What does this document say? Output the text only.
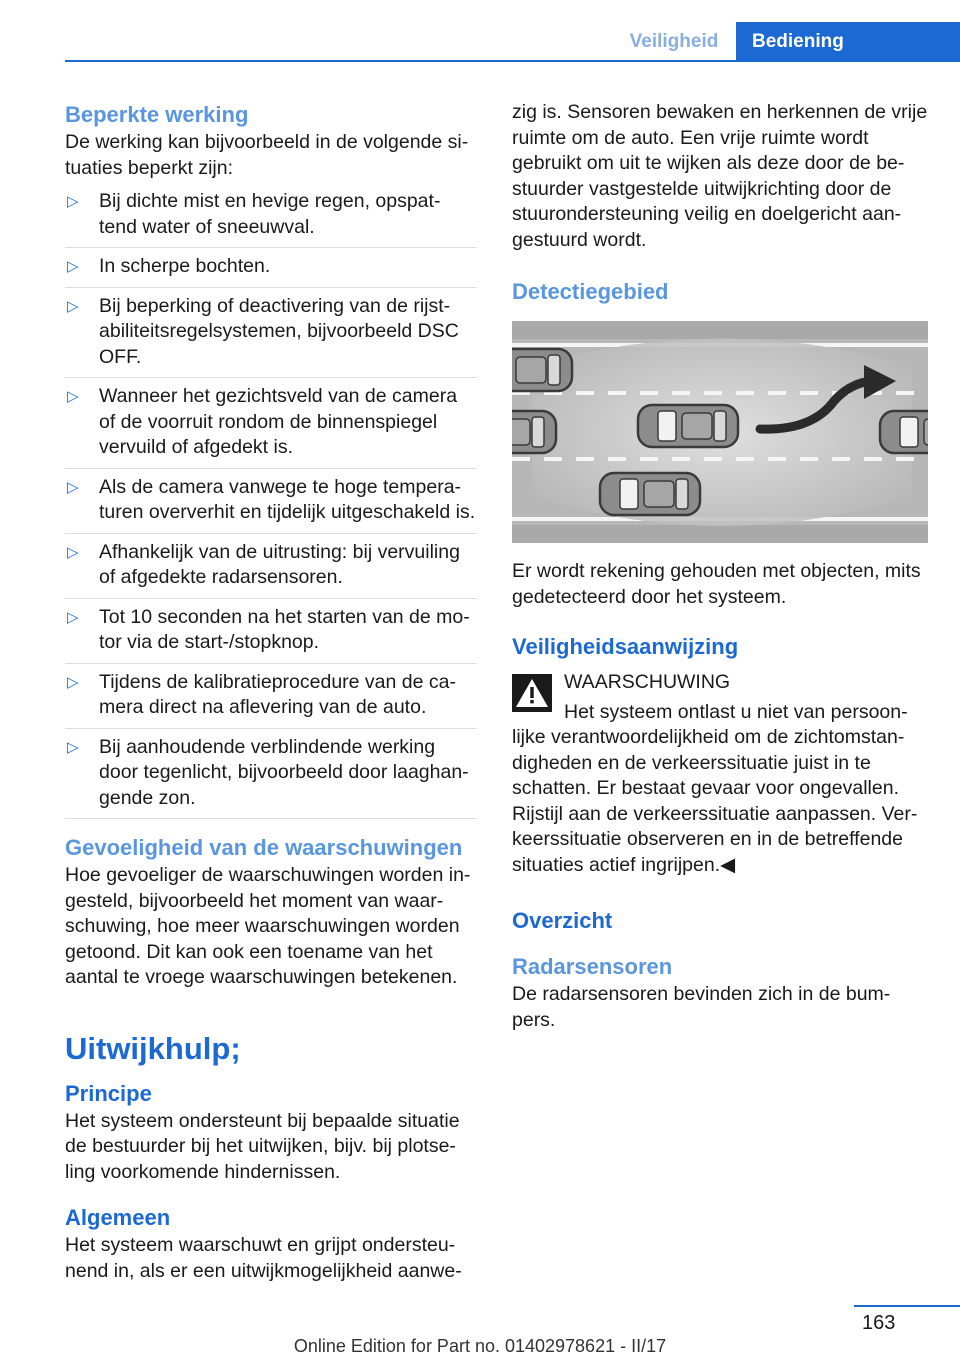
Veiligheid	Bediening
Beperkte werking

De werking kan bijvoorbeeld in de volgende si-tuaties beperkt zijn:

▷ Bij dichte mist en hevige regen, opspat-tend water of sneeuwval.
▷ In scherpe bochten.
▷ Bij beperking of deactivering van de rijst-abiliteitsregelsystemen, bijvoorbeeld DSC OFF.
▷ Wanneer het gezichtsveld van de camera of de voorruit rondom de binnenspiegel vervuild of afgedekt is.
▷ Als de camera vanwege te hoge tempera-turen oververhit en tijdelijk uitgeschakeld is.
▷ Afhankelijk van de uitrusting: bij vervuiling of afgedekte radarsensoren.
▷ Tot 10 seconden na het starten van de mo-tor via de start-/stopknop.
▷ Tijdens de kalibratieprocedure van de ca-mera direct na aflevering van de auto.
▷ Bij aanhoudende verblindende werking door tegenlicht, bijvoorbeeld door laaghan-gende zon.
Gevoeligheid van de waarschuwingen

Hoe gevoeliger de waarschuwingen worden in-gesteld, bijvoorbeeld het moment van waar-schuwing, hoe meer waarschuwingen worden getoond. Dit kan ook een toename van het aantal te vroege waarschuwingen betekenen.

Uitwijkhulp;
Principe

Het systeem ondersteunt bij bepaalde situatie de bestuurder bij het uitwijken, bijv. bij plotse-ling voorkomende hindernissen.

Algemeen

Het systeem waarschuwt en grijpt ondersteu-nend in, als er een uitwijkmogelijkheid aanwe-

zig is. Sensoren bewaken en herkennen de vrije ruimte om de auto. Een vrije ruimte wordt gebruikt om uit te wijken als deze door de be-stuurder vastgestelde uitwijkrichting door de stuurondersteuning veilig en doelgericht aan-gestuurd wordt.

Detectiegebied

Er wordt rekening gehouden met objecten, mits gedetecteerd door het systeem.

Veiligheidsaanwijzing

WAARSCHUWING

Het systeem ontlast u niet van persoon-

lijke verantwoordelijkheid om de zichtomstan-digheden en de verkeerssituatie juist in te schatten. Er bestaat gevaar voor ongevallen. Rijstijl aan de verkeerssituatie aanpassen. Ver-keerssituatie observeren en in de betreffende situaties actief ingrijpen.◀

Overzicht
Radarsensoren

De radarsensoren bevinden zich in de bum-pers.

163
Online Edition for Part no. 01402978621 - II/17
